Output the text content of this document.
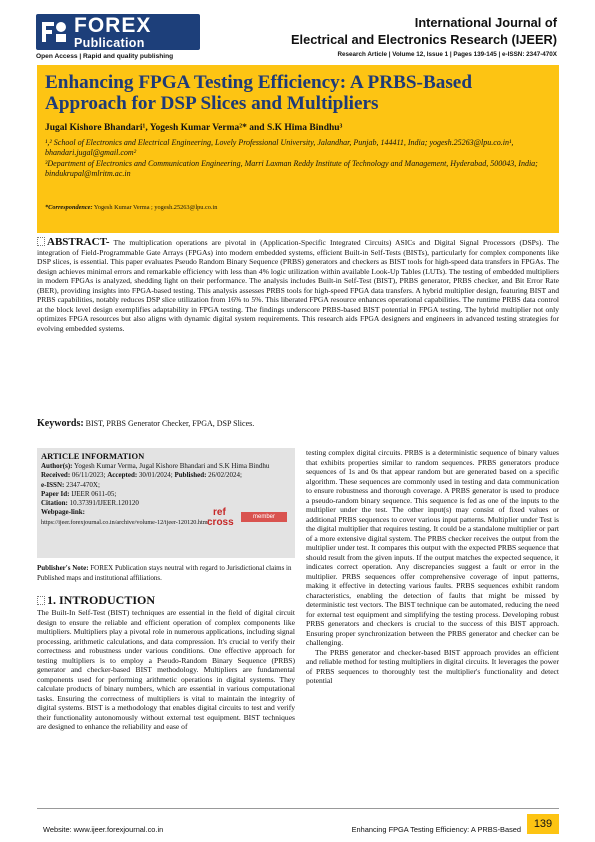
FOREX
Publication
Open Access | Rapid and quality publishing
International Journal of
Electrical and Electronics Research (IJEER)
Research Article | Volume 12, Issue 1 | Pages 139-145 | e-ISSN: 2347-470X
Enhancing FPGA Testing Efficiency: A PRBS-Based Approach for DSP Slices and Multipliers
Jugal Kishore Bhandari¹, Yogesh Kumar Verma²* and S.K Hima Bindhu³
¹,² School of Electronics and Electrical Engineering, Lovely Professional University, Jalandhar, Punjab, 144411, India; yogesh.25263@lpu.co.in¹, bhandari.jugal@gmail.com²
³Department of Electronics and Communication Engineering, Marri Laxman Reddy Institute of Technology and Management, Hyderabad, 500043, India; bindukrupal@mlritm.ac.in
*Correspondence: Yogesh Kumar Verma ; yogesh.25263@lpu.co.in
ABSTRACT- The multiplication operations are pivotal in (Application-Specific Integrated Circuits) ASICs and Digital Signal Processors (DSPs). The integration of Field-Programmable Gate Arrays (FPGAs) into modern embedded systems, efficient Built-in Self-Tests (BISTs), particularly for complex components like DSP slices, is essential. This paper evaluates Pseudo Random Binary Sequence (PRBS) generators and checkers as BIST tools for high-speed data transfers in FPGAs. The design achieves minimal errors and remarkable efficiency with less than 4% logic utilization within available Look-Up Tables (LUTs). The testing of embedded multipliers in modern FPGAs is analyzed, shedding light on their performance. The analysis includes Built-in Self-Test (BIST), PRBS generator, PRBS checker, and Bit Error Rate (BER), providing insights into FPGA-based testing. This analysis assesses PRBS tools for high-speed FPGA data transfers. A hybrid multiplier design, featuring BIST and PRBS capabilities, notably reduces DSP slice utilization from 16% to 5%. This liberated FPGA resource enhances operational capabilities. The runtime PRBS data control at the block level design exemplifies adaptability in FPGA testing. The findings underscore PRBS-based BIST potential in FPGA testing. The hybrid multiplier not only optimizes FPGA resources but also aligns with dynamic digital system requirements. This research aids FPGA designers and engineers in advanced testing strategies for evolving embedded systems.
Keywords: BIST, PRBS Generator Checker, FPGA, DSP Slices.
ARTICLE INFORMATION
Author(s): Yogesh Kumar Verma, Jugal Kishore Bhandari and S.K Hima Bindhu
Received: 06/11/2023; Accepted: 30/01/2024; Published: 26/02/2024;
e-ISSN: 2347-470X;
Paper Id: IJEER 0611-05;
Citation: 10.37391/IJEER.120120
Webpage-link:
https://ijeer.forexjournal.co.in/archive/volume-12/ijeer-120120.html
ref
cross	member
Publisher's Note: FOREX Publication stays neutral with regard to Jurisdictional claims in Published maps and institutional affiliations.
1. INTRODUCTION

The Built-In Self-Test (BIST) techniques are essential in the field of digital circuit design to ensure the reliable and efficient operation of complex components like multipliers. Multipliers play a pivotal role in numerous applications, including signal processing, arithmetic calculations, and data compression. It's crucial to verify their correctness and robustness under various conditions. One effective approach for testing multipliers is to employ a Pseudo-Random Binary Sequence (PRBS) generator and checker-based BIST methodology. Multipliers are fundamental components used for performing arithmetic operations in digital systems. They calculate products of binary numbers, which are essential in various computational tasks. Ensuring the correctness of multipliers is vital to maintain the integrity of digital systems. BIST is a methodology that enables digital circuits to test and verify their functionality autonomously without external test equipment. BIST techniques are designed to enhance the reliability and ease of

testing complex digital circuits. PRBS is a deterministic sequence of binary values that exhibits properties similar to random sequences. PRBS generators produce sequences of 1s and 0s that appear random but are generated based on a specific algorithm. These sequences are commonly used in testing and data communication to ensure robustness and thorough coverage. A PRBS generator is used to produce a pseudo-random binary sequence. This sequence is fed as one of the inputs to the multiplier under the test. The other input(s) may consist of fixed values or additional PRBS sequences to cover various input patterns. Multiplier under Test is the digital multiplier that requires testing. It could be a standalone multiplier or part of a more extensive digital system. The PRBS checker receives the output from the multiplier under test. It compares this output with the expected PRBS sequence that should result from the given inputs. If the output matches the expected sequence, it indicates correct operation. Any discrepancies suggest a fault or error in the multiplier. PRBS sequences offer comprehensive coverage of input patterns, making it effective in detecting various faults. PRBS sequences exhibit random characteristics, enabling the detection of faults that might be missed by deterministic test vectors. The BIST technique can be automated, reducing the need for external test equipment and simplifying the testing process. Developing robust PRBS generators and checkers is crucial to the success of this BIST approach. Ensuring proper synchronization between the PRBS generator and checker can be challenging.

The PRBS generator and checker-based BIST approach provides an efficient and reliable method for testing multipliers in digital circuits. It leverages the power of PRBS sequences to thoroughly test the multiplier's functionality and detect potential

Website: www.ijeer.forexjournal.co.in	Enhancing FPGA Testing Efficiency: A PRBS-Based	139
